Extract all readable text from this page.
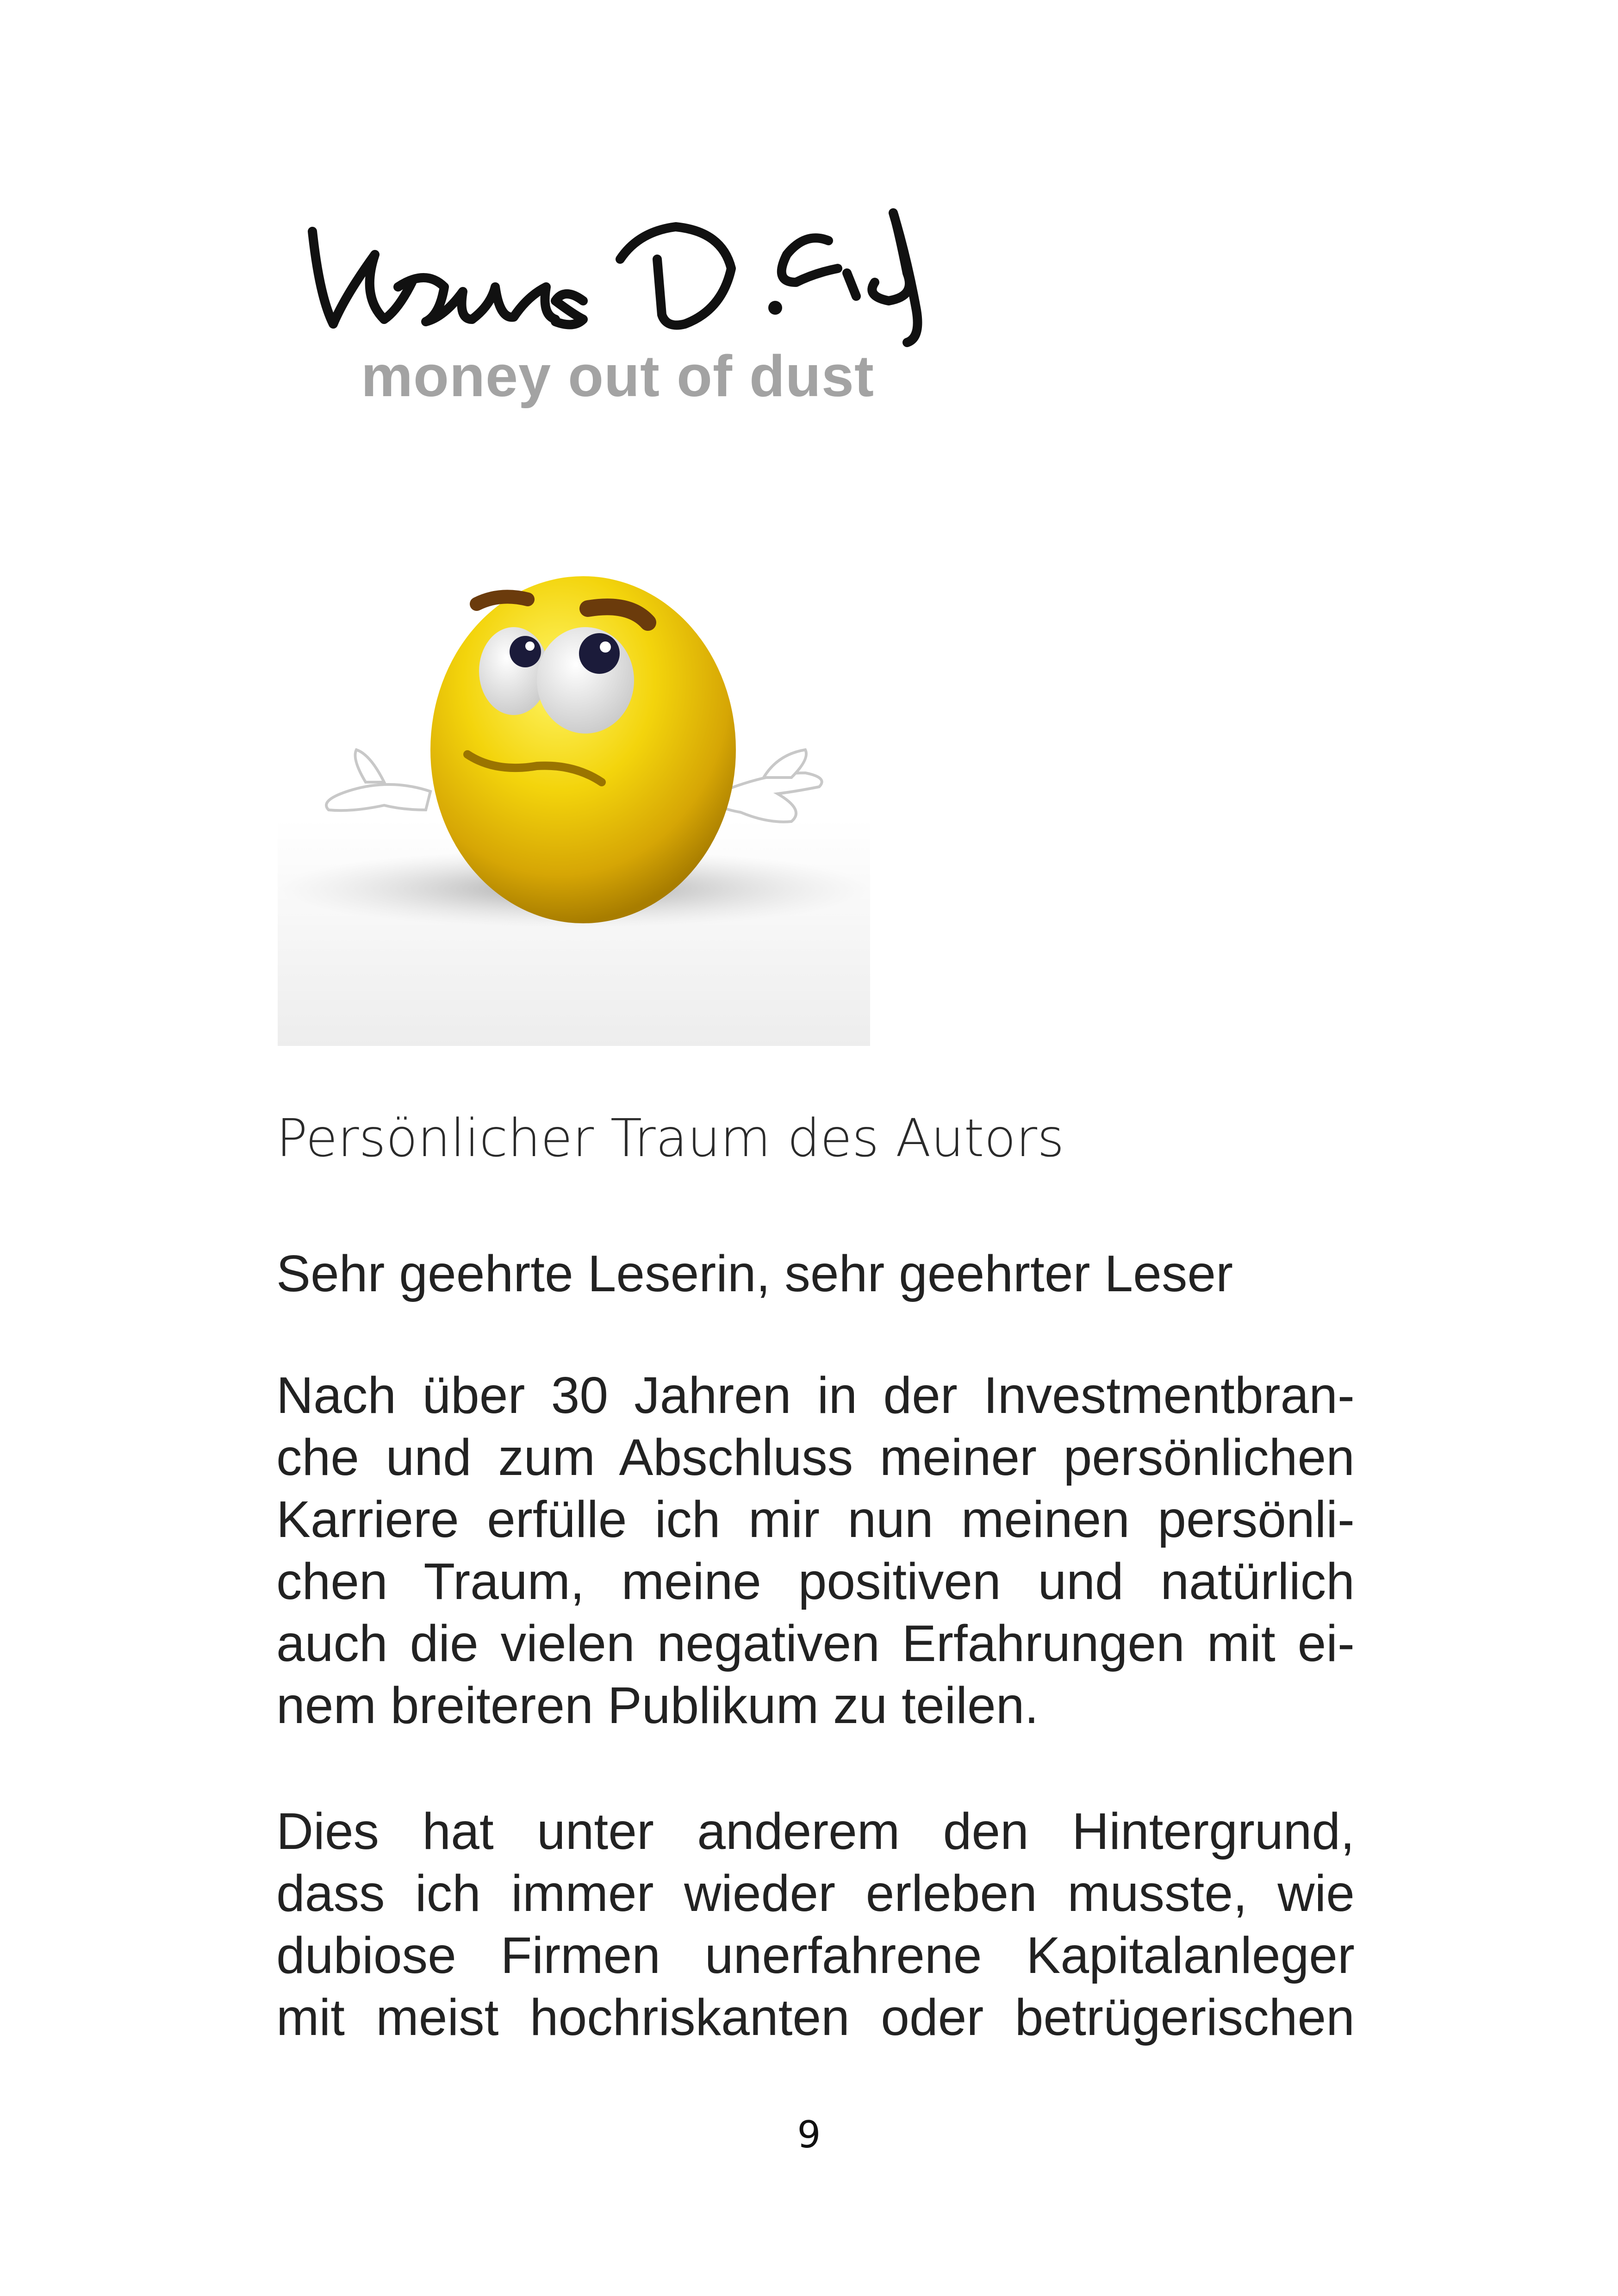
money out of dust
Persönlicher Traum des Autors
Sehr geehrte Leserin, sehr geehrter Leser
Nach über 30 Jahren in der Investmentbran-
che und zum Abschluss meiner persönlichen
Karriere erfülle ich mir nun meinen persönli-
chen Traum, meine positiven und natürlich
auch die vielen negativen Erfahrungen mit ei-
nem breiteren Publikum zu teilen.
Dies hat unter anderem den Hintergrund,
dass ich immer wieder erleben musste, wie
dubiose Firmen unerfahrene Kapitalanleger
mit meist hochriskanten oder betrügerischen
9
